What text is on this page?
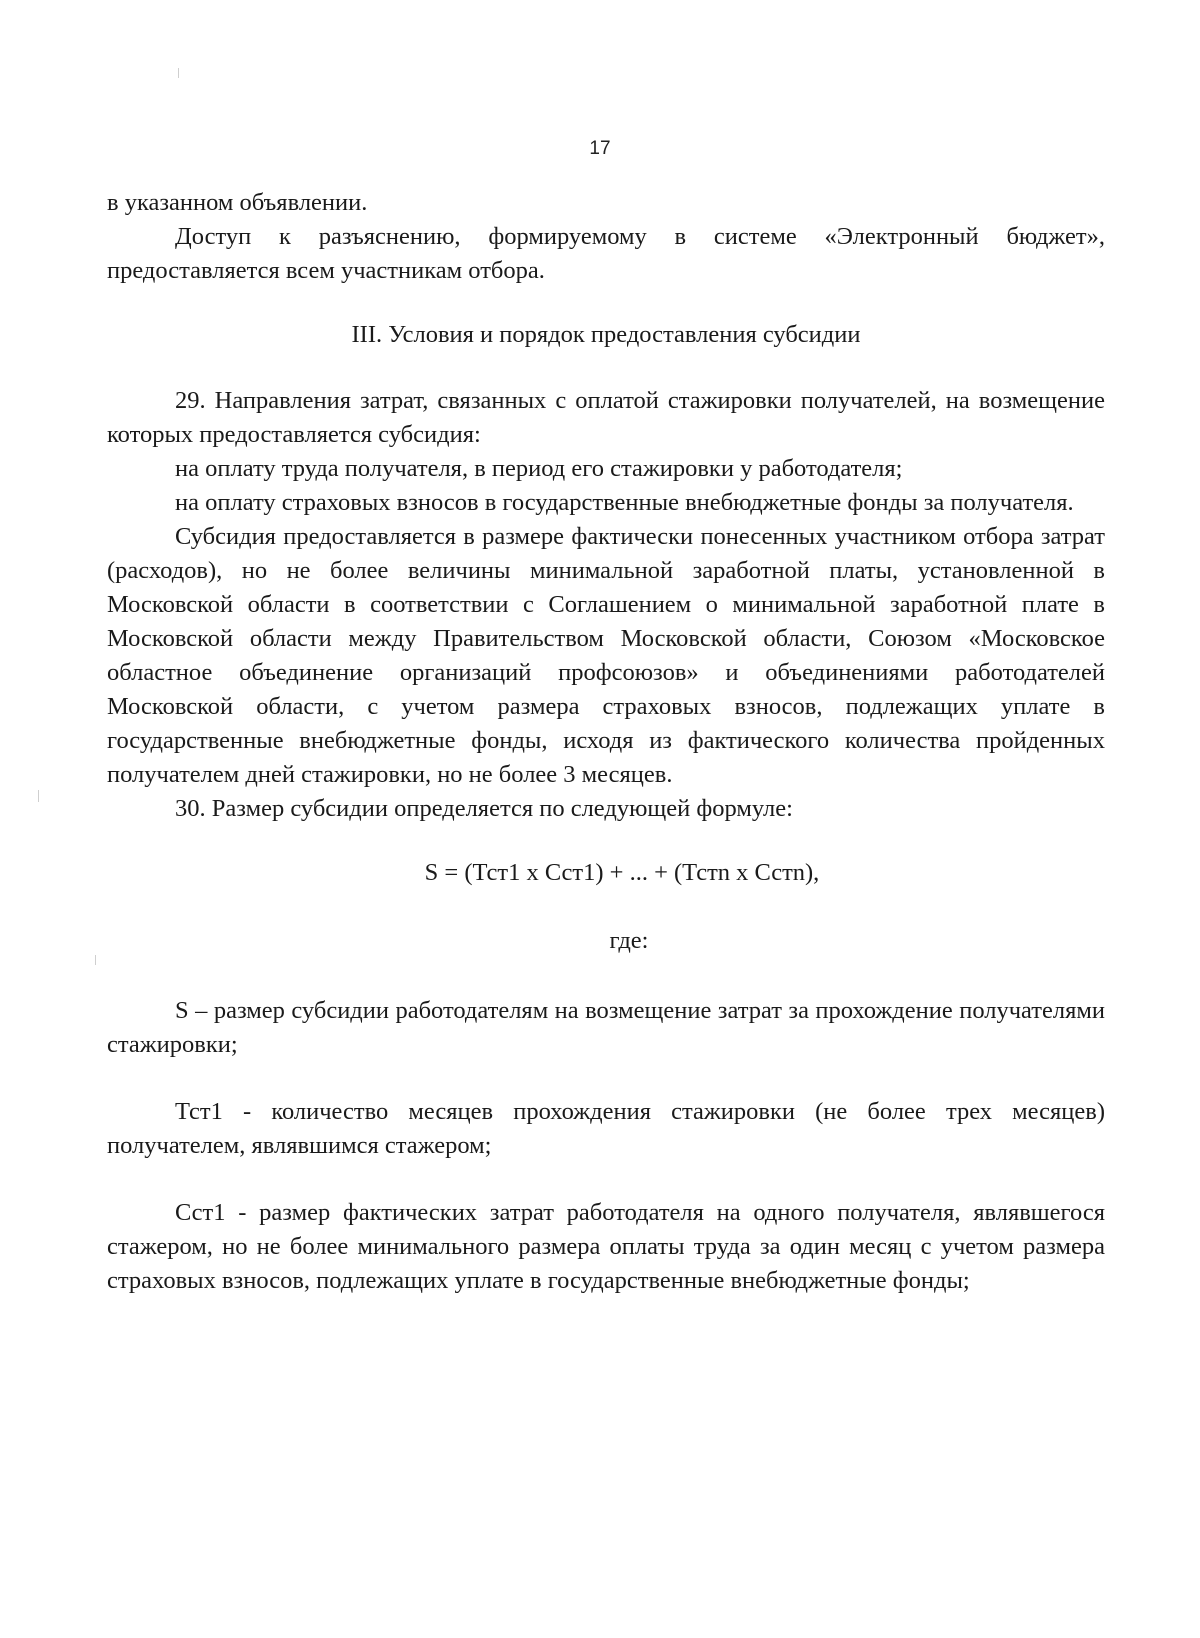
17

в указанном объявлении.

Доступ к разъяснению, формируемому в системе «Электронный бюджет», предоставляется всем участникам отбора.

III. Условия и порядок предоставления субсидии

29. Направления затрат, связанных с оплатой стажировки получателей, на возмещение которых предоставляется субсидия:

на оплату труда получателя, в период его стажировки у работодателя;

на оплату страховых взносов в государственные внебюджетные фонды за получателя.

Субсидия предоставляется в размере фактически понесенных участником отбора затрат (расходов), но не более величины минимальной заработной платы, установленной в Московской области в соответствии с Соглашением о минимальной заработной плате в Московской области между Правительством Московской области, Союзом «Московское областное объединение организаций профсоюзов» и объединениями работодателей Московской области, с учетом размера страховых взносов, подлежащих уплате в государственные внебюджетные фонды, исходя из фактического количества пройденных получателем дней стажировки, но не более 3 месяцев.

30. Размер субсидии определяется по следующей формуле:

S = (Тст1 х Сст1) + ... + (Тстn х Сстn),

где:

S – размер субсидии работодателям на возмещение затрат за прохождение получателями стажировки;

Тст1 - количество месяцев прохождения стажировки (не более трех месяцев) получателем, являвшимся стажером;

Сст1 - размер фактических затрат работодателя на одного получателя, являвшегося стажером, но не более минимального размера оплаты труда за один месяц с учетом размера страховых взносов, подлежащих уплате в государственные внебюджетные фонды;
